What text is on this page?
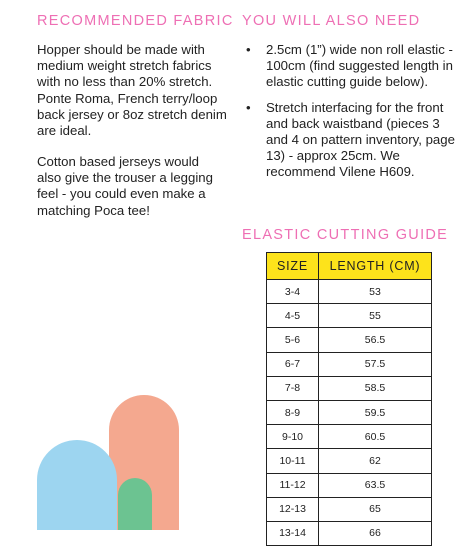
RECOMMENDED FABRIC

Hopper should be made with medium weight stretch fabrics with no less than 20% stretch. Ponte Roma, French terry/loop back jersey or 8oz stretch denim are ideal.

Cotton based jerseys would also give the trouser a legging feel - you could even make a matching Poca tee!

YOU WILL ALSO NEED
• 2.5cm (1”) wide non roll elastic - 100cm (find suggested length in elastic cutting guide below).
• Stretch interfacing for the front and back waistband (pieces 3 and 4 on pattern inventory, page 13) - approx 25cm. We recommend Vilene H609.
ELASTIC CUTTING GUIDE
SIZE	LENGTH (CM)
3-4	53
4-5	55
5-6	56.5
6-7	57.5
7-8	58.5
8-9	59.5
9-10	60.5
10-11	62
11-12	63.5
12-13	65
13-14	66
